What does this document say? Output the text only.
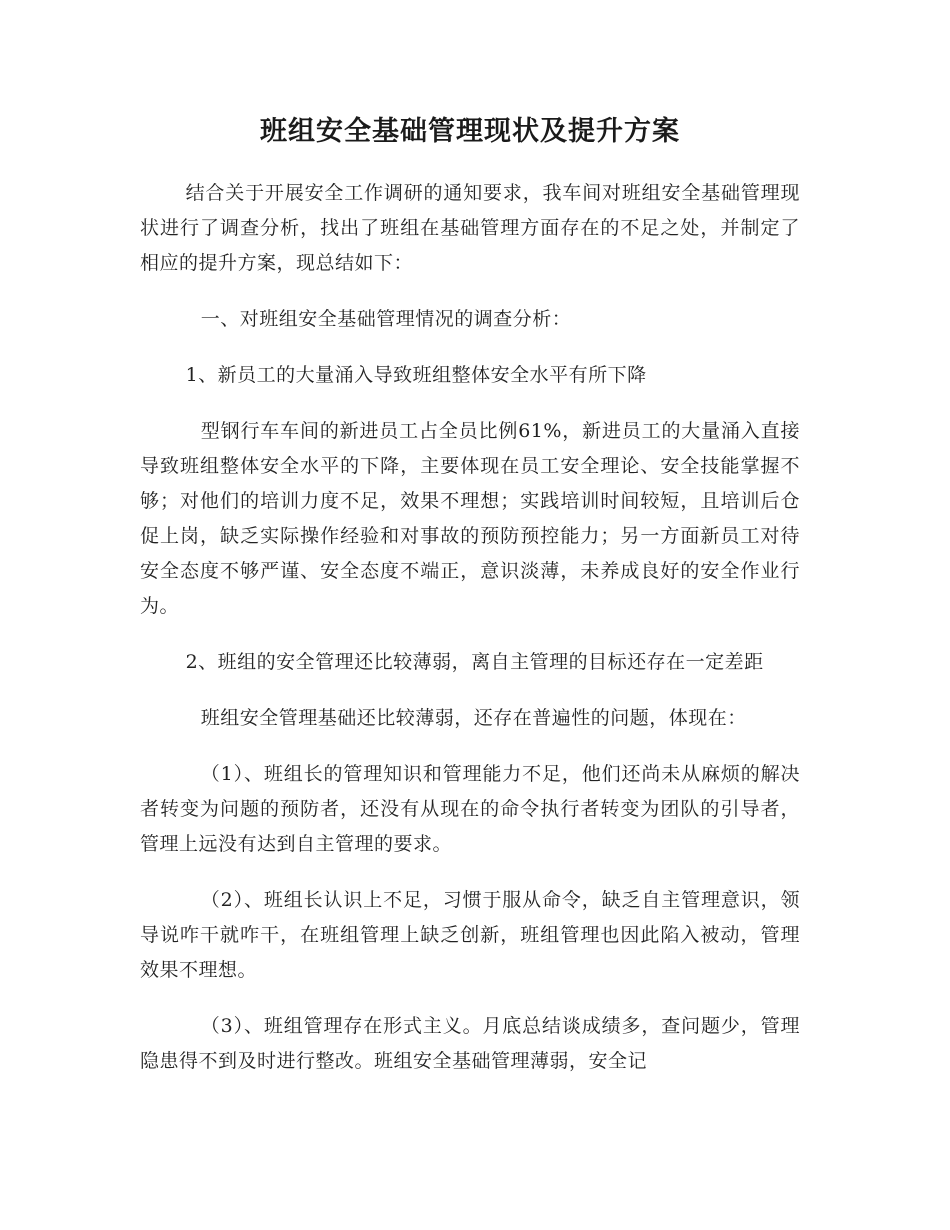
班组安全基础管理现状及提升方案

结合关于开展安全工作调研的通知要求，我车间对班组安全基础管理现状进行了调查分析，找出了班组在基础管理方面存在的不足之处，并制定了相应的提升方案，现总结如下：

一、对班组安全基础管理情况的调查分析：

1、新员工的大量涌入导致班组整体安全水平有所下降

型钢行车车间的新进员工占全员比例61%，新进员工的大量涌入直接导致班组整体安全水平的下降，主要体现在员工安全理论、安全技能掌握不够；对他们的培训力度不足，效果不理想；实践培训时间较短，且培训后仓促上岗，缺乏实际操作经验和对事故的预防预控能力；另一方面新员工对待安全态度不够严谨、安全态度不端正，意识淡薄，未养成良好的安全作业行为。

2、班组的安全管理还比较薄弱，离自主管理的目标还存在一定差距

班组安全管理基础还比较薄弱，还存在普遍性的问题，体现在：

（1）、班组长的管理知识和管理能力不足，他们还尚未从麻烦的解决者转变为问题的预防者，还没有从现在的命令执行者转变为团队的引导者，管理上远没有达到自主管理的要求。

（2）、班组长认识上不足，习惯于服从命令，缺乏自主管理意识，领导说咋干就咋干，在班组管理上缺乏创新，班组管理也因此陷入被动，管理效果不理想。

（3）、班组管理存在形式主义。月底总结谈成绩多，查问题少，管理隐患得不到及时进行整改。班组安全基础管理薄弱，安全记
